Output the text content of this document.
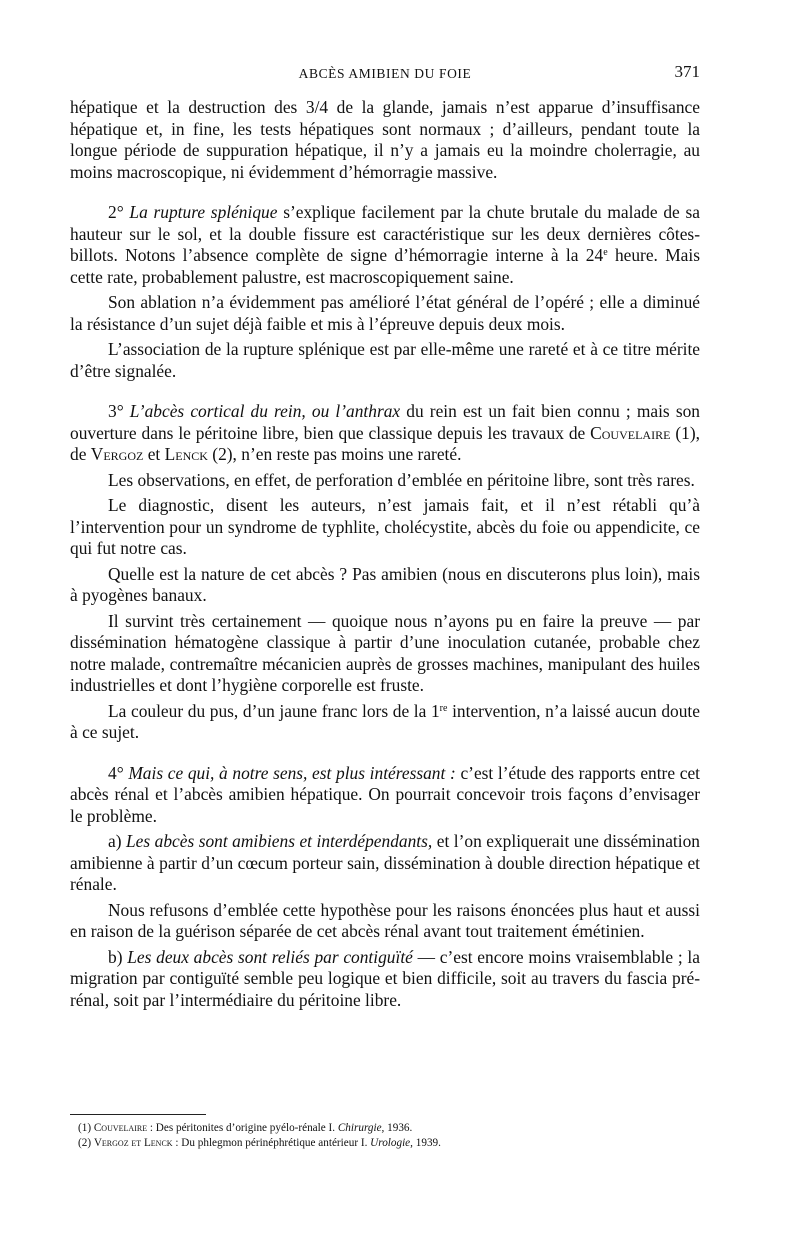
ABCÈS AMIBIEN DU FOIE	371

hépatique et la destruction des 3/4 de la glande, jamais n’est apparue d’insuffisance hépatique et, in fine, les tests hépatiques sont normaux ; d’ailleurs, pendant toute la longue période de suppuration hépatique, il n’y a jamais eu la moindre cholerragie, au moins macroscopique, ni évidemment d’hémorragie massive.

2° La rupture splénique s’explique facilement par la chute brutale du malade de sa hauteur sur le sol, et la double fissure est caractéristique sur les deux dernières côtes-billots. Notons l’absence complète de signe d’hémorragie interne à la 24e heure. Mais cette rate, probablement palustre, est macroscopiquement saine.

Son ablation n’a évidemment pas amélioré l’état général de l’opéré ; elle a diminué la résistance d’un sujet déjà faible et mis à l’épreuve depuis deux mois.

L’association de la rupture splénique est par elle-même une rareté et à ce titre mérite d’être signalée.

3° L’abcès cortical du rein, ou l’anthrax du rein est un fait bien connu ; mais son ouverture dans le péritoine libre, bien que classique depuis les travaux de Couvelaire (1), de Vergoz et Lenck (2), n’en reste pas moins une rareté.

Les observations, en effet, de perforation d’emblée en péritoine libre, sont très rares.

Le diagnostic, disent les auteurs, n’est jamais fait, et il n’est rétabli qu’à l’intervention pour un syndrome de typhlite, cholécystite, abcès du foie ou appendicite, ce qui fut notre cas.

Quelle est la nature de cet abcès ? Pas amibien (nous en discuterons plus loin), mais à pyogènes banaux.

Il survint très certainement — quoique nous n’ayons pu en faire la preuve — par dissémination hématogène classique à partir d’une inoculation cutanée, probable chez notre malade, contremaître mécanicien auprès de grosses machines, manipulant des huiles industrielles et dont l’hygiène corporelle est fruste.

La couleur du pus, d’un jaune franc lors de la 1re intervention, n’a laissé aucun doute à ce sujet.

4° Mais ce qui, à notre sens, est plus intéressant : c’est l’étude des rapports entre cet abcès rénal et l’abcès amibien hépatique. On pourrait concevoir trois façons d’envisager le problème.

a) Les abcès sont amibiens et interdépendants, et l’on expliquerait une dissémination amibienne à partir d’un cœcum porteur sain, dissémination à double direction hépatique et rénale.

Nous refusons d’emblée cette hypothèse pour les raisons énoncées plus haut et aussi en raison de la guérison séparée de cet abcès rénal avant tout traitement émétinien.

b) Les deux abcès sont reliés par contiguïté — c’est encore moins vraisemblable ; la migration par contiguïté semble peu logique et bien difficile, soit au travers du fascia pré-rénal, soit par l’intermédiaire du péritoine libre.

(1) Couvelaire : Des péritonites d’origine pyélo-rénale I. Chirurgie, 1936.
(2) Vergoz et Lenck : Du phlegmon périnéphrétique antérieur I. Urologie, 1939.
